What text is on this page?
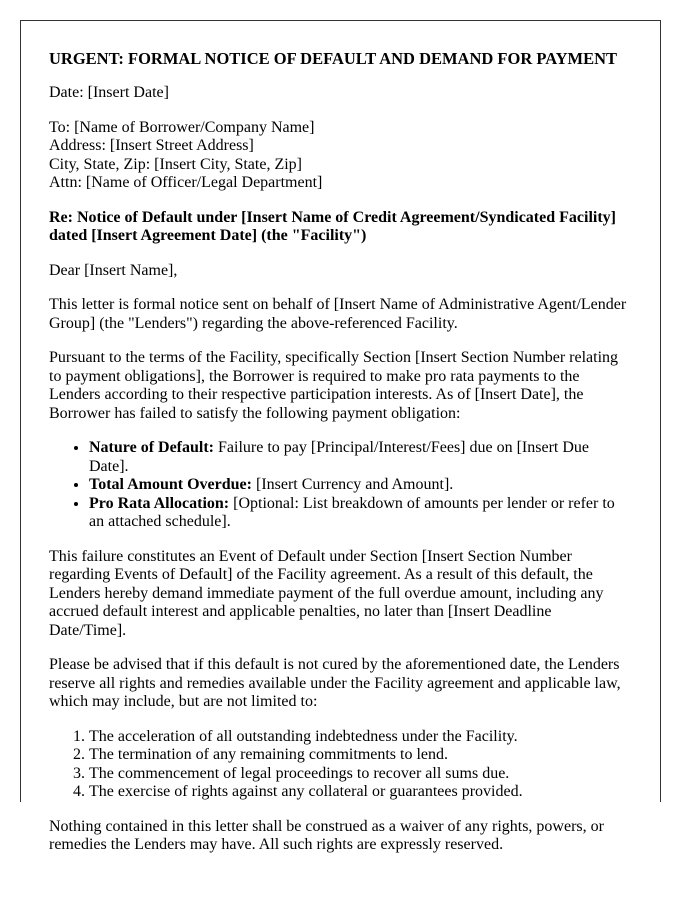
URGENT: FORMAL NOTICE OF DEFAULT AND DEMAND FOR PAYMENT

Date: [Insert Date]

To: [Name of Borrower/Company Name]
Address: [Insert Street Address]
City, State, Zip: [Insert City, State, Zip]
Attn: [Name of Officer/Legal Department]

Re: Notice of Default under [Insert Name of Credit Agreement/Syndicated Facility] dated [Insert Agreement Date] (the "Facility")

Dear [Insert Name],

This letter is formal notice sent on behalf of [Insert Name of Administrative Agent/Lender Group] (the "Lenders") regarding the above-referenced Facility.

Pursuant to the terms of the Facility, specifically Section [Insert Section Number relating to payment obligations], the Borrower is required to make pro rata payments to the Lenders according to their respective participation interests. As of [Insert Date], the Borrower has failed to satisfy the following payment obligation:

• Nature of Default: Failure to pay [Principal/Interest/Fees] due on [Insert Due Date].
• Total Amount Overdue: [Insert Currency and Amount].
• Pro Rata Allocation: [Optional: List breakdown of amounts per lender or refer to an attached schedule].

This failure constitutes an Event of Default under Section [Insert Section Number regarding Events of Default] of the Facility agreement. As a result of this default, the Lenders hereby demand immediate payment of the full overdue amount, including any accrued default interest and applicable penalties, no later than [Insert Deadline Date/Time].

Please be advised that if this default is not cured by the aforementioned date, the Lenders reserve all rights and remedies available under the Facility agreement and applicable law, which may include, but are not limited to:

1. The acceleration of all outstanding indebtedness under the Facility.
2. The termination of any remaining commitments to lend.
3. The commencement of legal proceedings to recover all sums due.
4. The exercise of rights against any collateral or guarantees provided.

Nothing contained in this letter shall be construed as a waiver of any rights, powers, or remedies the Lenders may have. All such rights are expressly reserved.
